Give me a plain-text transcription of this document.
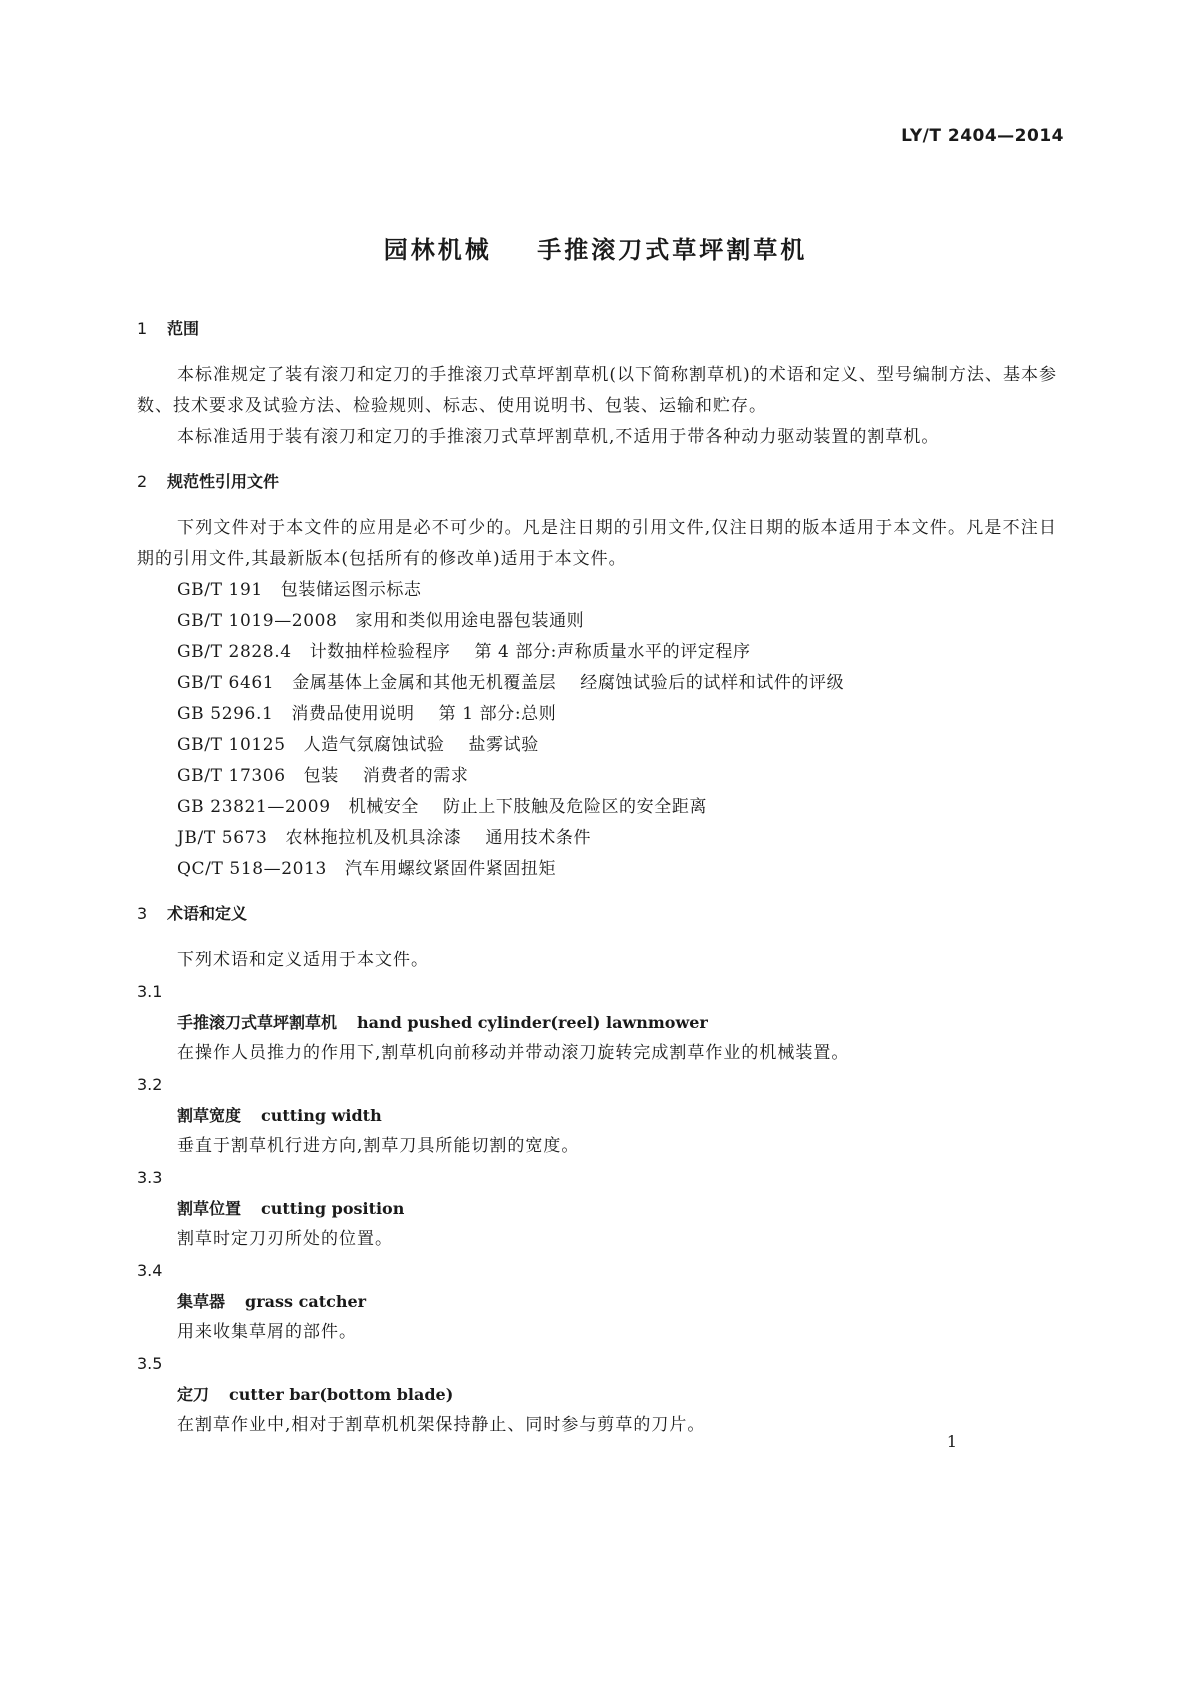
LY/T 2404—2014
园林机械    手推滚刀式草坪割草机
1 范围

本标准规定了装有滚刀和定刀的手推滚刀式草坪割草机(以下简称割草机)的术语和定义、型号编制方法、基本参数、技术要求及试验方法、检验规则、标志、使用说明书、包装、运输和贮存。

本标准适用于装有滚刀和定刀的手推滚刀式草坪割草机,不适用于带各种动力驱动装置的割草机。

2 规范性引用文件

下列文件对于本文件的应用是必不可少的。凡是注日期的引用文件,仅注日期的版本适用于本文件。凡是不注日期的引用文件,其最新版本(包括所有的修改单)适用于本文件。

GB/T 191 包装储运图示标志
GB/T 1019—2008 家用和类似用途电器包装通则
GB/T 2828.4 计数抽样检验程序    第 4 部分:声称质量水平的评定程序
GB/T 6461 金属基体上金属和其他无机覆盖层    经腐蚀试验后的试样和试件的评级
GB 5296.1 消费品使用说明    第 1 部分:总则
GB/T 10125 人造气氛腐蚀试验    盐雾试验
GB/T 17306 包装    消费者的需求
GB 23821—2009 机械安全    防止上下肢触及危险区的安全距离
JB/T 5673 农林拖拉机及机具涂漆    通用技术条件
QC/T 518—2013 汽车用螺纹紧固件紧固扭矩
3 术语和定义

下列术语和定义适用于本文件。

3.1
手推滚刀式草坪割草机 hand pushed cylinder(reel) lawnmower
在操作人员推力的作用下,割草机向前移动并带动滚刀旋转完成割草作业的机械装置。
3.2
割草宽度 cutting width
垂直于割草机行进方向,割草刀具所能切割的宽度。
3.3
割草位置 cutting position
割草时定刀刃所处的位置。
3.4
集草器 grass catcher
用来收集草屑的部件。
3.5
定刀 cutter bar(bottom blade)
在割草作业中,相对于割草机机架保持静止、同时参与剪草的刀片。
1
